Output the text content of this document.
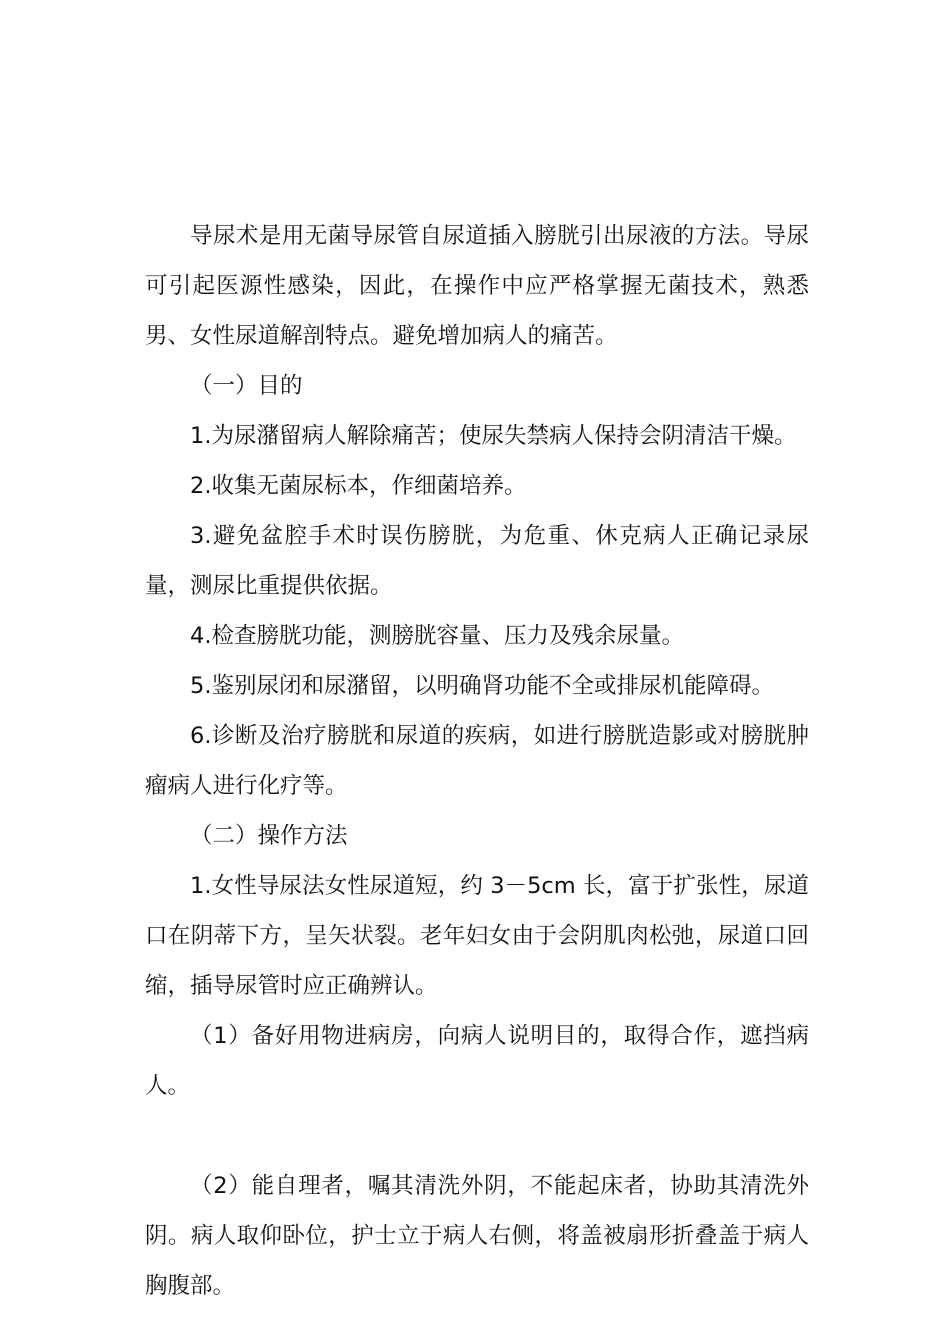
导尿术是用无菌导尿管自尿道插入膀胱引出尿液的方法。导尿可引起医源性感染，因此，在操作中应严格掌握无菌技术，熟悉男、女性尿道解剖特点。避免增加病人的痛苦。

（一）目的

1.为尿潴留病人解除痛苦；使尿失禁病人保持会阴清洁干燥。

2.收集无菌尿标本，作细菌培养。

3.避免盆腔手术时误伤膀胱，为危重、休克病人正确记录尿量，测尿比重提供依据。

4.检查膀胱功能，测膀胱容量、压力及残余尿量。

5.鉴别尿闭和尿潴留，以明确肾功能不全或排尿机能障碍。

6.诊断及治疗膀胱和尿道的疾病，如进行膀胱造影或对膀胱肿瘤病人进行化疗等。

（二）操作方法

1.女性导尿法女性尿道短，约 3－5cm 长，富于扩张性，尿道口在阴蒂下方，呈矢状裂。老年妇女由于会阴肌肉松弛，尿道口回缩，插导尿管时应正确辨认。

（1）备好用物进病房，向病人说明目的，取得合作，遮挡病人。

（2）能自理者，嘱其清洗外阴，不能起床者，协助其清洗外阴。病人取仰卧位，护士立于病人右侧，将盖被扇形折叠盖于病人胸腹部。
